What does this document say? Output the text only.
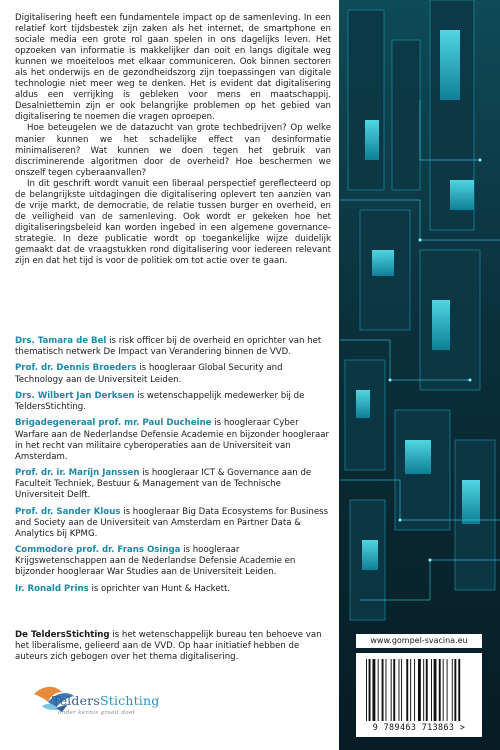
Digitalisering heeft een fundamentele impact op de samenleving. In een relatief kort tijdsbestek zijn zaken als het internet, de smartphone en sociale media een grote rol gaan spelen in ons dagelijks leven. Het opzoeken van informatie is makkelijker dan ooit en langs digitale weg kunnen we moeiteloos met elkaar communiceren. Ook binnen sectoren als het onderwijs en de gezondheidszorg zijn toepassingen van digitale technologie niet meer weg te denken. Het is evident dat digitalisering aldus een verrijking is gebleken voor mens en maatschappij. Desalniettemin zijn er ook belangrijke problemen op het gebied van digitalisering te noemen die vragen oproepen.

Hoe beteugelen we de datazucht van grote techbedrijven? Op welke manier kunnen we het schadelijke effect van desinformatie minimaliseren? Wat kunnen we doen tegen het gebruik van discriminerende algoritmen door de overheid? Hoe beschermen we onszelf tegen cyberaanvallen?

In dit geschrift wordt vanuit een liberaal perspectief gereflecteerd op de belangrijkste uitdagingen die digitalisering oplevert ten aanzien van de vrije markt, de democratie, de relatie tussen burger en overheid, en de veiligheid van de samenleving. Ook wordt er gekeken hoe het digitaliseringsbeleid kan worden ingebed in een algemene governance-strategie. In deze publicatie wordt op toegankelijke wijze duidelijk gemaakt dat de vraagstukken rond digitalisering voor iedereen relevant zijn en dat het tijd is voor de politiek om tot actie over te gaan.

Drs. Tamara de Bel is risk officer bij de overheid en oprichter van het thematisch netwerk De Impact van Verandering binnen de VVD.

Prof. dr. Dennis Broeders is hoogleraar Global Security and Technology aan de Universiteit Leiden.

Drs. Wilbert Jan Derksen is wetenschappelijk medewerker bij de TeldersStichting.

Brigadegeneraal prof. mr. Paul Ducheine is hoogleraar Cyber Warfare aan de Nederlandse Defensie Academie en bijzonder hoogleraar in het recht van militaire cyberoperaties aan de Universiteit van Amsterdam.

Prof. dr. ir. Marijn Janssen is hoogleraar ICT & Governance aan de Faculteit Techniek, Bestuur & Management van de Technische Universiteit Delft.

Prof. dr. Sander Klous is hoogleraar Big Data Ecosystems for Business and Society aan de Universiteit van Amsterdam en Partner Data & Analytics bij KPMG.

Commodore prof. dr. Frans Osinga is hoogleraar Krijgswetenschappen aan de Nederlandse Defensie Academie en bijzonder hoogleraar War Studies aan de Universiteit Leiden.

Ir. Ronald Prins is oprichter van Hunt & Hackett.

De TeldersStichting is het wetenschappelijk bureau ten behoeve van het liberalisme, gelieerd aan de VVD. Op haar initiatief hebben de auteurs zich gebogen over het thema digitalisering.
TeldersStichting
onder kennis groeit doet
www.gompel-svacina.eu
9 789463 713863 >
